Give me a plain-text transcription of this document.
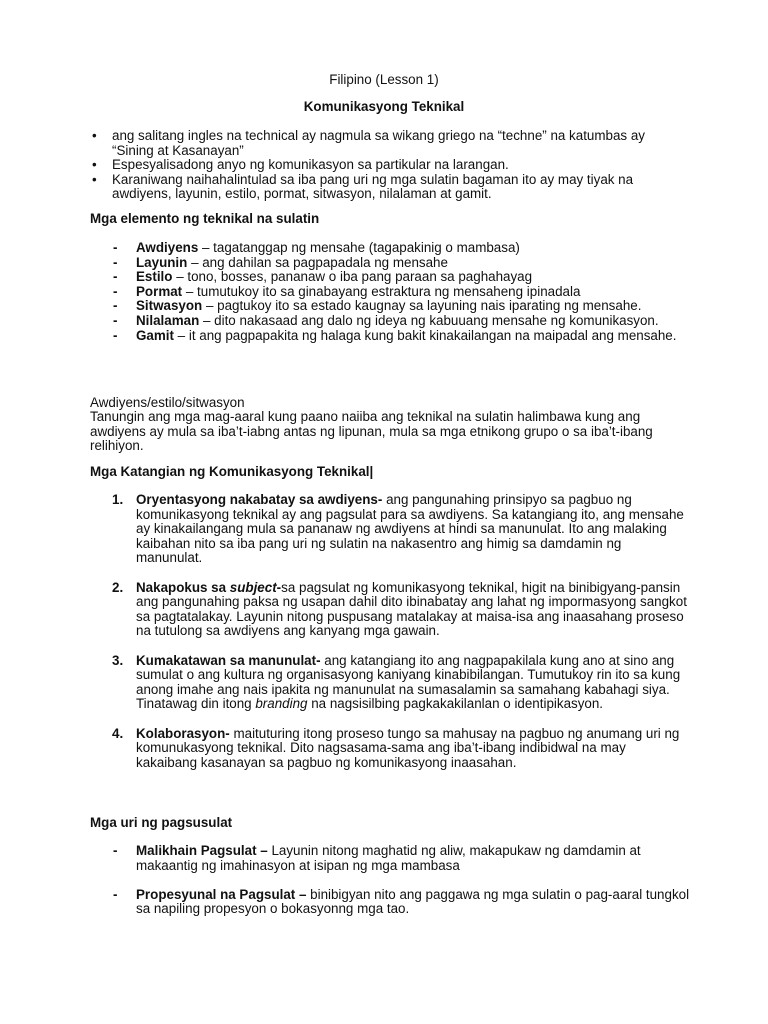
Filipino (Lesson 1)
Komunikasyong Teknikal
• ang salitang ingles na technical ay nagmula sa wikang griego na “techne” na katumbas ay “Sining at Kasanayan”
• Espesyalisadong anyo ng komunikasyon sa partikular na larangan.
• Karaniwang naihahalintulad sa iba pang uri ng mga sulatin bagaman ito ay may tiyak na awdiyens, layunin, estilo, pormat, sitwasyon, nilalaman at gamit.
Mga elemento ng teknikal na sulatin
- Awdiyens – tagatanggap ng mensahe (tagapakinig o mambasa)
- Layunin – ang dahilan sa pagpapadala ng mensahe
- Estilo – tono, bosses, pananaw o iba pang paraan sa paghahayag
- Pormat – tumutukoy ito sa ginabayang estraktura ng mensaheng ipinadala
- Sitwasyon – pagtukoy ito sa estado kaugnay sa layuning nais iparating ng mensahe.
- Nilalaman – dito nakasaad ang dalo ng ideya ng kabuuang mensahe ng komunikasyon.
- Gamit – it ang pagpapakita ng halaga kung bakit kinakailangan na maipadal ang mensahe.
Awdiyens/estilo/sitwasyon
Tanungin ang mga mag-aaral kung paano naiiba ang teknikal na sulatin halimbawa kung ang awdiyens ay mula sa iba’t-iabng antas ng lipunan, mula sa mga etnikong grupo o sa iba’t-ibang relihiyon.
Mga Katangian ng Komunikasyong Teknikal|
1. Oryentasyong nakabatay sa awdiyens- ang pangunahing prinsipyo sa pagbuo ng komunikasyong teknikal ay ang pagsulat para sa awdiyens. Sa katangiang ito, ang mensahe ay kinakailangang mula sa pananaw ng awdiyens at hindi sa manunulat. Ito ang malaking kaibahan nito sa iba pang uri ng sulatin na nakasentro ang himig sa damdamin ng manunulat.
2. Nakapokus sa subject-sa pagsulat ng komunikasyong teknikal, higit na binibigyang-pansin ang pangunahing paksa ng usapan dahil dito ibinabatay ang lahat ng impormasyong sangkot sa pagtatalakay. Layunin nitong puspusang matalakay at maisa-isa ang inaasahang proseso na tutulong sa awdiyens ang kanyang mga gawain.
3. Kumakatawan sa manunulat- ang katangiang ito ang nagpapakilala kung ano at sino ang sumulat o ang kultura ng organisasyong kaniyang kinabibilangan. Tumutukoy rin ito sa kung anong imahe ang nais ipakita ng manunulat na sumasalamin sa samahang kabahagi siya. Tinatawag din itong branding na nagsisilbing pagkakakilanlan o identipikasyon.
4. Kolaborasyon- maituturing itong proseso tungo sa mahusay na pagbuo ng anumang uri ng komunukasyong teknikal. Dito nagsasama-sama ang iba’t-ibang indibidwal na may kakaibang kasanayan sa pagbuo ng komunikasyong inaasahan.
Mga uri ng pagsusulat
- Malikhain Pagsulat – Layunin nitong maghatid ng aliw, makapukaw ng damdamin at makaantig ng imahinasyon at isipan ng mga mambasa
- Propesyunal na Pagsulat – binibigyan nito ang paggawa ng mga sulatin o pag-aaral tungkol sa napiling propesyon o bokasyonng mga tao.
